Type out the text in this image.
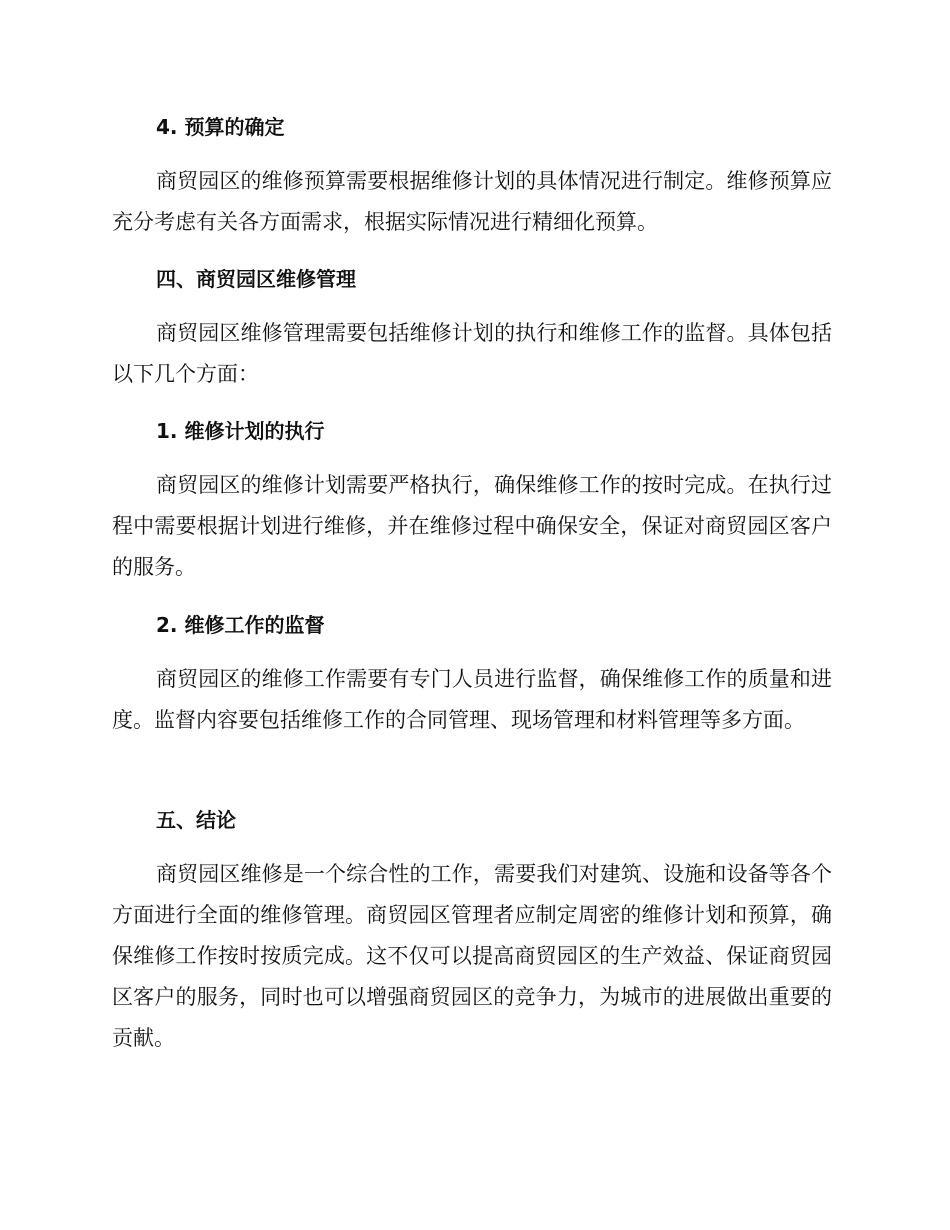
4. 预算的确定

商贸园区的维修预算需要根据维修计划的具体情况进行制定。维修预算应充分考虑有关各方面需求，根据实际情况进行精细化预算。

四、商贸园区维修管理

商贸园区维修管理需要包括维修计划的执行和维修工作的监督。具体包括以下几个方面：

1. 维修计划的执行

商贸园区的维修计划需要严格执行，确保维修工作的按时完成。在执行过程中需要根据计划进行维修，并在维修过程中确保安全，保证对商贸园区客户的服务。

2. 维修工作的监督

商贸园区的维修工作需要有专门人员进行监督，确保维修工作的质量和进度。监督内容要包括维修工作的合同管理、现场管理和材料管理等多方面。

五、结论

商贸园区维修是一个综合性的工作，需要我们对建筑、设施和设备等各个方面进行全面的维修管理。商贸园区管理者应制定周密的维修计划和预算，确保维修工作按时按质完成。这不仅可以提高商贸园区的生产效益、保证商贸园区客户的服务，同时也可以增强商贸园区的竞争力，为城市的进展做出重要的贡献。
